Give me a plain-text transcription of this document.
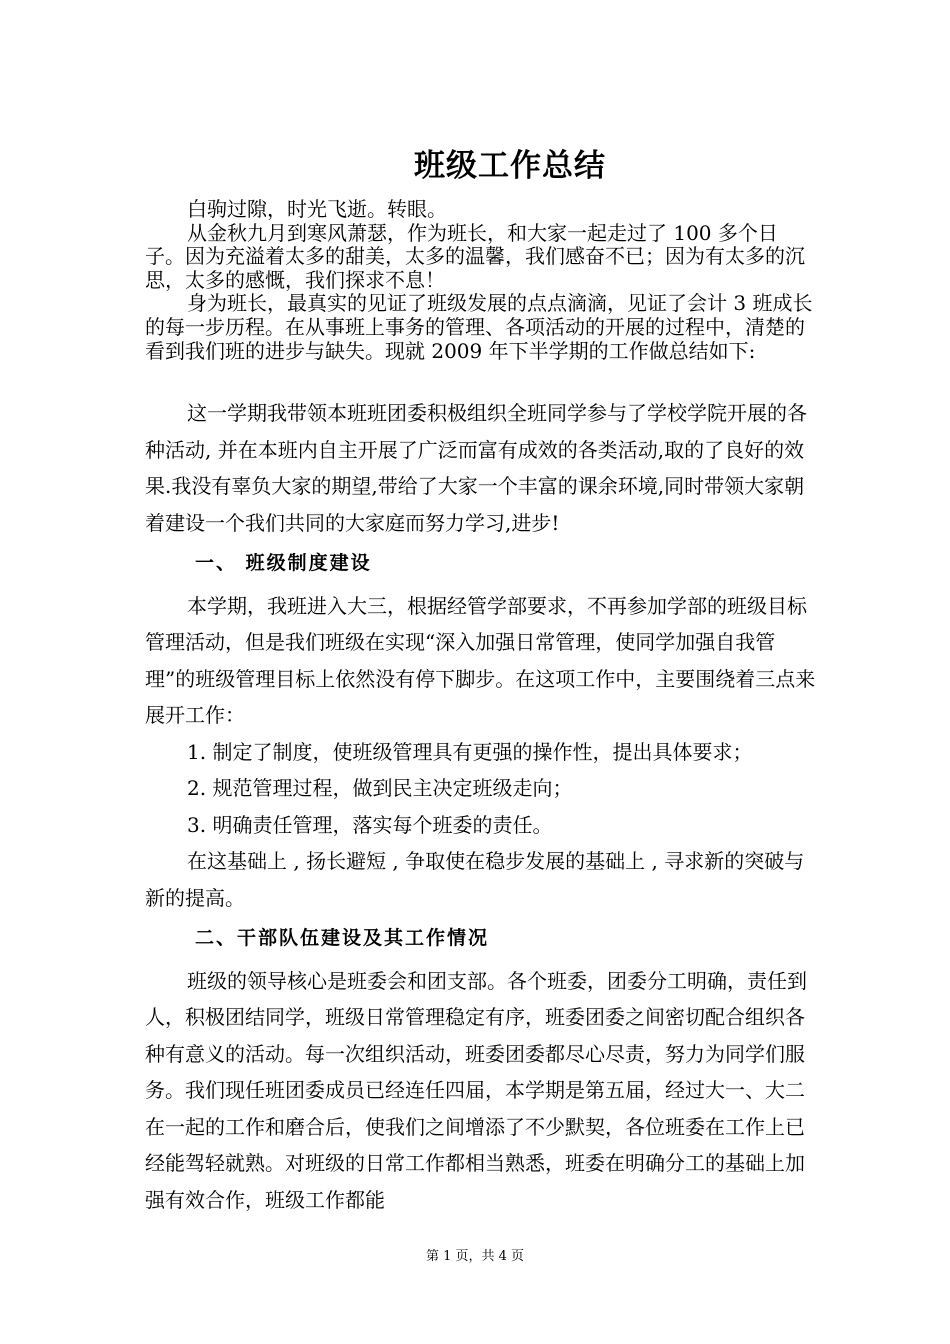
班级工作总结

白驹过隙，时光飞逝。转眼。

从金秋九月到寒风萧瑟，作为班长，和大家一起走过了 100 多个日子。因为充溢着太多的甜美，太多的温馨，我们感奋不已；因为有太多的沉思，太多的感慨，我们探求不息！

身为班长，最真实的见证了班级发展的点点滴滴，见证了会计 3 班成长的每一步历程。在从事班上事务的管理、各项活动的开展的过程中，清楚的看到我们班的进步与缺失。现就 2009 年下半学期的工作做总结如下:

这一学期我带领本班班团委积极组织全班同学参与了学校学院开展的各种活动, 并在本班内自主开展了广泛而富有成效的各类活动,取的了良好的效果.我没有辜负大家的期望,带给了大家一个丰富的课余环境,同时带领大家朝着建设一个我们共同的大家庭而努力学习,进步!

一、 班级制度建设

本学期，我班进入大三，根据经管学部要求，不再参加学部的班级目标管理活动，但是我们班级在实现“深入加强日常管理，使同学加强自我管理”的班级管理目标上依然没有停下脚步。在这项工作中，主要围绕着三点来展开工作：

1. 制定了制度，使班级管理具有更强的操作性，提出具体要求；

2. 规范管理过程，做到民主决定班级走向；

3. 明确责任管理，落实每个班委的责任。

在这基础上 , 扬长避短 , 争取使在稳步发展的基础上 , 寻求新的突破与新的提高。

二、干部队伍建设及其工作情况

班级的领导核心是班委会和团支部。各个班委，团委分工明确，责任到人，积极团结同学，班级日常管理稳定有序，班委团委之间密切配合组织各种有意义的活动。每一次组织活动，班委团委都尽心尽责，努力为同学们服务。我们现任班团委成员已经连任四届，本学期是第五届，经过大一、大二在一起的工作和磨合后，使我们之间增添了不少默契，各位班委在工作上已经能驾轻就熟。对班级的日常工作都相当熟悉，班委在明确分工的基础上加强有效合作，班级工作都能

第 1 页，共 4 页
